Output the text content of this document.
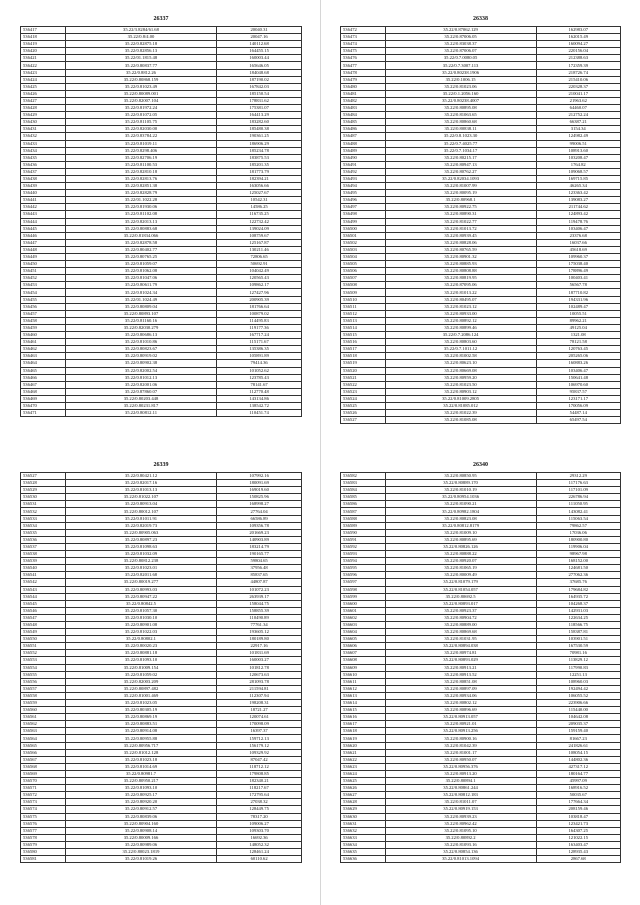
26337
536417	35.22/3.8284/61.68	20040.31
536418	35.22/0.8/4.00	20047.16
536419	35.22/0.82875.18	140112.68
536420	35.22/0.82856.13	164455.15
536421	35.22/01.1815.48	160003.44
536422	35.22/0.80837.77	165646.05
536423	35.22/0.8812.26	184048.68
536424	35.22/0.80868.159	187190.02
536425	35.22/0.81023.49	167842.03
536426	35.22/0.80089.001	185150.54
536427	35.22/0.82007.104	178831.62
536428	35.22/0.81972.24	175381.07
536429	35.22/0.81072.05	164413.29
536430	35.22/0.81105.75	183282.60
536431	35.22/0.82030.00	185480.38
536432	35.22/0.83784.22	190361.25
536433	35.22/0.81019.11	186906.29
536434	35.22/0.8298.406	185234.78
536435	35.22/0.82706.19	183875.53
536436	35.22/0.81100.53	185201.35
536437	35.22/0.82810.18	181773.79
536438	35.22/0.82813.76	182394.21
536439	35.22/0.82851.38	163056.66
536440	35.22/0.82828.79	125027.67
536441	35.22/01.1022.28	10542.31
536442	35.22/0.81930.06	14586.25
536443	35.22/0.81102.08	116735.25
536444	35.22/0.82013.13	122732.42
536445	35.22/0.80883.68	139024.09
536446	35.22/0.81834.066	108759.67
536447	35.22/0.82878.58	125167.87
536448	35.22/0.80402.77	130211.46
536449	35.22/0.80765.25	72806.65
536450	35.22/0.81059.07	50692.91
536451	35.22/0.81062.08	104042.49
536452	35.22/0.81047.06	120565.43
536453	35.22/0.80611.79	109862.17
536454	35.22/0.81024.34	127427.96
536455	35.22/01.1024.49	200905.39
536456	35.22/0.80809.04	181766.64
536457	35.22/0.80893.107	100879.02
536458	35.22/0.81160.16	114495.83
536459	35.22/0.82030.279	119177.36
536460	35.22/0.80686.13	167717.24
536461	35.22/0.81010.86	115171.67
536462	35.22/0.80823.67	135386.35
536463	35.22/0.80919.02	105891.89
536464	35.22/0.80902.38	79414.36
536465	35.22/0.82002.54	101052.62
536466	35.22/0.81012.13	123785.43
536467	35.22/0.82001.06	78141.67
536468	35.22/0.87860.07	112770.48
536469	35.22/0.80203.448	143134.86
536470	35.22/0.80231.817	138542.72
536471	35.22/0.80812.11	110451.74
26338
536472	35.22/0.87062.129	162983.07
536473	35.22/0.87006.05	162015.49
536474	35.22/0.83038.37	160094.27
536475	35.22/0.87006.07	220156.04
536476	35.22/0.7.0080.05	212388.63
536477	35.22/0.7.3007.113	172359.39
536478	35.22/0.80238.1906	218726.74
536479	35.22/0.1006.15	215410.06
536480	35.22/0.81023.06	220328.37
536481	35.22/0.1.2056.160	210041.17
536482	35.22/0.80238.4007	21963.62
536483	35.22/0.80895.08	64460.07
536484	35.22/0.81063.65	212752.24
536485	35.22/0.80860.68	66387.21
536486	35.22/0.80838.11	3154.34
536487	35.22/0.8.1023.30	124982.49
536488	35.22/0.7.4025.77	99006.51
536489	35.22/0.7.1034.17	108913.60
536490	35.22/0.80215.17	103208.47
536491	35.22/0.80947.13	1764.82
536492	35.22/0.80762.27	109068.57
536493	35.22/0.82034.1093	169715.85
536494	35.22/0.81007.99	46265.34
536495	35.22/0.80095.19	123363.42
536496	35.22/0.80968.1	139083.27
536497	35.22/0.80922.75	211744.62
536498	35.22/0.80890.31	124893.42
536499	35.22/0.81022.77	119478.76
536500	35.22/0.81013.72	103406.47
536501	35.22/0.80939.45	23376.68
536502	35.22/0.80828.06	16037.66
536503	35.22/0.80765.59	45618.69
536504	35.22/0.80901.32	109960.37
536505	35.22/0.80885.93	175038.40
536506	35.22/0.80808.88	178896.49
536507	35.22/0.80819.95	100403.41
536508	35.22/0.87095.06	56567.78
536509	35.22/0.81013.22	187710.82
536510	35.22/0.80495.07	194331.96
536511	35.22/0.81023.12	102489.47
536512	35.22/0.80933.00	10055.51
536513	35.22/0.80892.12	89962.21
536514	35.22/0.80899.46	49125.04
536515	35.22/0.7.2086.124	1321.08
536516	35.22/0.80803.60	78121.58
536517	35.22/0.7.1011.12	120763.45
536518	35.22/0.81002.58	205265.06
536519	35.22/0.80623.10	160883.26
536520	35.22/0.80669.08	103406.47
536521	35.22/0.80959.20	150641.48
536522	35.22/0.81023.50	106970.60
536523	35.22/0.80903.12	95837.57
536524	35.22/0.81009.2805	123171.17
536525	35.22/0.81085.012	170056.09
536526	35.22/0.81022.39	54487.14
536527	35.22/0.81085.08	65497.54
26339
536527	35.22/0.80421.12	107992.16
536528	35.22/0.82017.16	180091.69
536529	35.22/0.81013.13	169019.60
536530	35.22/0.81022.107	150825.96
536531	35.22/0.80913.04	168998.27
536532	35.22/0.80012.107	27764.04
536533	35.22/0.81011.91	66586.89
536534	35.22/0.82019.73	109356.78
536535	35.22/0.80905.063	201669.23
536536	35.22/0.80897.23	140903.89
536537	35.22/0.81098.63	183214.79
536538	35.22/0.81032.09	190165.77
536539	35.22/0.80812.238	59804.65
536540	35.22/0.81023.01	37956.48
536541	35.22/0.82011.68	85837.65
536542	35.22/0.80019.277	44807.87
536543	35.22/0.80993.03	101072.23
536544	35.22/0.80947.22	263939.17
536545	35.22/0.80842.5	158044.75
536546	35.22/0.81057.30	158855.39
536547	35.22/0.81030.10	110490.89
536548	35.22/0.80901.08	77761.34
536549	35.22/0.81022.03	193605.12
536550	35.22/0.80802.1	180189.80
536551	35.22/0.80020.23	22917.16
536552	35.22/0.80881.18	101831.69
536553	35.22/0.81093.10	160003.27
536554	35.22/0.81009.154	101812.78
536555	35.22/0.81059.02	120673.63
536556	35.22/0.82003.209	281093.78
536557	35.22/0.80897.482	211594.81
536558	35.22/0.81001.469	112307.94
536559	35.22/0.81023.05	198208.31
536560	35.22/0.80305.19	18721.27
536561	35.22/0.80869.19	120074.61
536562	35.22/0.80883.51	170098.09
536563	35.22/0.80914.08	16397.37
536564	35.22/0.80955.88	159712.13
536565	35.22/0.80956.717	156179.12
536566	35.22/0.81012.128	109329.92
536567	35.22/0.81023.18	87047.42
536568	35.22/0.81014.69	118712.12
536569	35.22/0.80981.7	179808.85
536570	35.22/0.80950.217	182340.21
536571	35.22/0.81093.10	118217.67
536572	35.22/0.80925.17	172795.64
536573	35.22/0.80920.20	27038.32
536574	35.22/0.80912.57	128449.75
536575	35.22/0.80839.06	78317.20
536576	35.22/0.80904.160	109006.27
536577	35.22/0.80908.14	109303.70
536578	35.22/0.80009.166	16692.36
536579	35.22/0.80989.06	148052.32
536580	35.22/0.80023.1819	128461.24
536581	35.22/0.81019.26	60110.62
26340
536582	35.22/0.80850.95	29312.29
536583	35.22/0.80889.170	117176.63
536584	35.22/0.81010.19	117101.09
536585	35.22/0.80954.1036	226786.94
536586	35.22/0.81090.21	111050.95
536587	35.22/0.80982.1804	143082.41
536588	35.22/0.80823.08	115063.54
536589	35.22/0.80812.8179	79862.57
536590	35.22/0.81009.10	17036.06
536591	35.22/0.80895.69	180900.80
536592	35.22/0.80826.126	119906.04
536593	35.22/0.80888.22	98967.98
536594	35.22/0.80920.07	168152.00
536595	35.22/0.81065.19	124681.50
536596	35.22/0.80009.49	277062.36
536597	35.22/0.81079.179	37685.76
536598	35.22/0.81054.057	179684.82
536599	35.22/0.80692.5	164935.72
536600	35.22/0.80893.017	104268.37
536601	35.22/0.80923.37	142931.03
536602	35.22/0.80904.72	122634.25
536603	35.22/0.80889.00	118566.75
536604	35.22/0.80869.68	158387.81
536605	35.22/0.81031.95	103901.51
536606	35.22/0.80894.038	167530.59
536607	35.22/0.80974.81	70981.16
536608	35.22/0.80893.029	113829.12
536609	35.22/0.80913.21	117990.83
536610	35.22/0.80913.52	12251.13
536611	35.22/0.80851.08	108960.03
536612	35.22/0.80897.09	192494.42
536613	35.22/0.80934.06	106055.52
536614	35.22/0.80802.12	223906.66
536615	35.22/0.80896.69	115440.00
536616	35.22/0.80913.057	104642.08
536617	35.22/0.80921.01	209035.37
536618	35.22/0.80913.256	159159.40
536619	35.22/0.80900.16	81667.23
536620	35.22/0.81042.39	241826.61
536621	35.22/0.81001.17	108054.15
536622	35.22/0.80950.07	144802.36
536623	35.22/0.80956.376	427317.12
536624	35.22/0.80913.20	180164.77
536625	35.22/0.80894.1	45997.09
536626	35.22/0.80861.244	168916.52
536627	35.22/0.80812.183	50035.67
536628	35.22/0.81011.07	177664.34
536629	35.22/0.80919.153	208159.46
536630	35.22/0.80939.23	103818.47
536631	35.22/0.80962.42	123421.73
536632	35.22/0.81095.10	164307.25
536633	35.22/0.80892.2	121022.15
536634	35.22/0.81093.16	163403.47
536635	35.22/0.80854.136	128935.43
536636	35.22/0.81013.1094	2867.68
